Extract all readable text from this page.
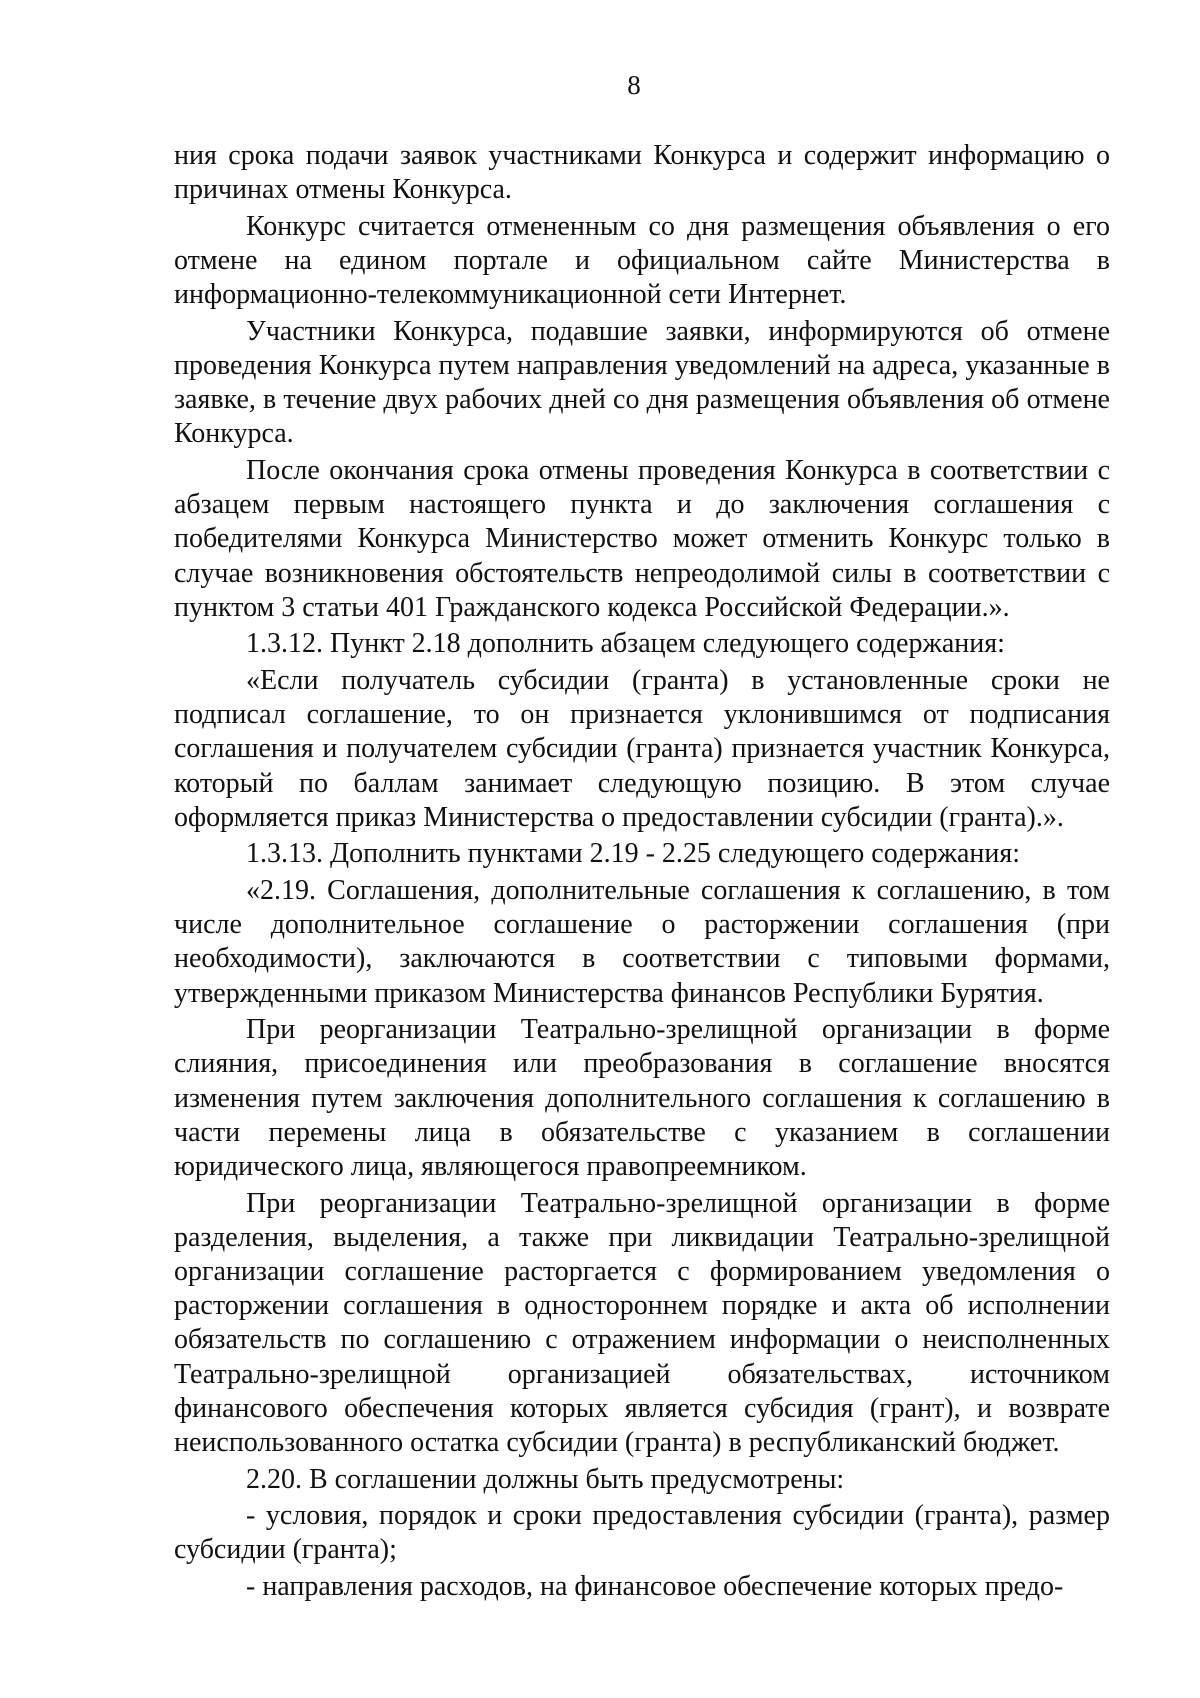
8

ния срока подачи заявок участниками Конкурса и содержит информацию о причинах отмены Конкурса.

Конкурс считается отмененным со дня размещения объявления о его отмене на едином портале и официальном сайте Министерства в информационно-телекоммуникационной сети Интернет.

Участники Конкурса, подавшие заявки, информируются об отмене проведения Конкурса путем направления уведомлений на адреса, указанные в заявке, в течение двух рабочих дней со дня размещения объявления об отмене Конкурса.

После окончания срока отмены проведения Конкурса в соответствии с абзацем первым настоящего пункта и до заключения соглашения с победителями Конкурса Министерство может отменить Конкурс только в случае возникновения обстоятельств непреодолимой силы в соответствии с пунктом 3 статьи 401 Гражданского кодекса Российской Федерации.».

1.3.12. Пункт 2.18 дополнить абзацем следующего содержания:

«Если получатель субсидии (гранта) в установленные сроки не подписал соглашение, то он признается уклонившимся от подписания соглашения и получателем субсидии (гранта) признается участник Конкурса, который по баллам занимает следующую позицию. В этом случае оформляется приказ Министерства о предоставлении субсидии (гранта).».

1.3.13. Дополнить пунктами 2.19 - 2.25 следующего содержания:

«2.19. Соглашения, дополнительные соглашения к соглашению, в том числе дополнительное соглашение о расторжении соглашения (при необходимости), заключаются в соответствии с типовыми формами, утвержденными приказом Министерства финансов Республики Бурятия.

При реорганизации Театрально-зрелищной организации в форме слияния, присоединения или преобразования в соглашение вносятся изменения путем заключения дополнительного соглашения к соглашению в части перемены лица в обязательстве с указанием в соглашении юридического лица, являющегося правопреемником.

При реорганизации Театрально-зрелищной организации в форме разделения, выделения, а также при ликвидации Театрально-зрелищной организации соглашение расторгается с формированием уведомления о расторжении соглашения в одностороннем порядке и акта об исполнении обязательств по соглашению с отражением информации о неисполненных Театрально-зрелищной организацией обязательствах, источником финансового обеспечения которых является субсидия (грант), и возврате неиспользованного остатка субсидии (гранта) в республиканский бюджет.

2.20. В соглашении должны быть предусмотрены:

- условия, порядок и сроки предоставления субсидии (гранта), размер субсидии (гранта);

- направления расходов, на финансовое обеспечение которых предо-
